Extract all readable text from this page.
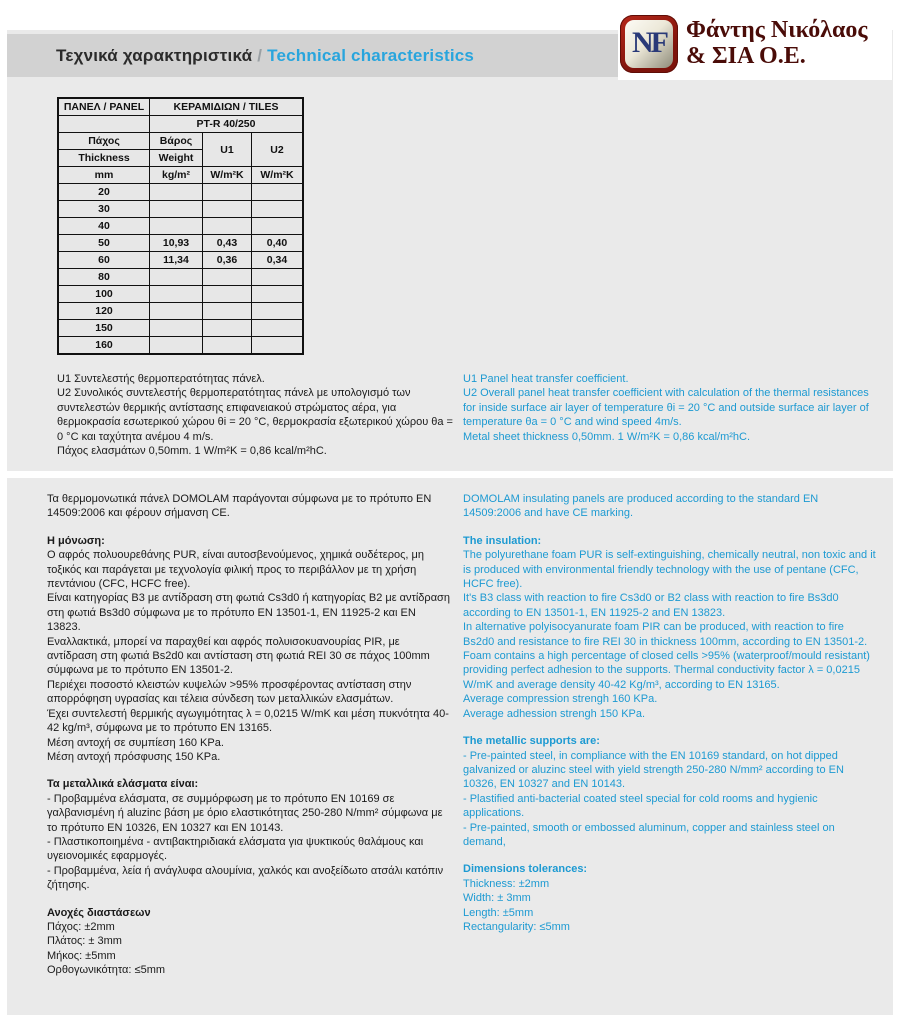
Τεχνικά χαρακτηριστικά / Technical characteristics	NF Φάντης Νικόλαος
& ΣΙΑ Ο.Ε.
ΠΑΝΕΛ / PANEL	ΚΕΡΑΜΙΔΙΩΝ / TILES		
	PT-R 40/250		
Πάχος	Βάρος	U1	U2
Thickness	Weight		
mm	kg/m²	W/m²K	W/m²K
20			
30			
40			
50	10,93	0,43	0,40
60	11,34	0,36	0,34
80			
100			
120			
150			
160			
U1 Συντελεστής θερμοπερατότητας πάνελ.
U2 Συνολικός συντελεστής θερμοπερατότητας πάνελ με υπολογισμό των συντελεστών θερμικής αντίστασης επιφανειακού στρώματος αέρα, για θερμοκρασία εσωτερικού χώρου θi = 20 °C, θερμοκρασία εξωτερικού χώρου θa = 0 °C και ταχύτητα ανέμου 4 m/s.
Πάχος ελασμάτων 0,50mm. 1 W/m²K = 0,86 kcal/m²hC.
U1 Panel heat transfer coefficient.
U2 Overall panel heat transfer coefficient with calculation of the thermal resistances for inside surface air layer of temperature θi = 20 °C and outside surface air layer of temperature θa = 0 °C and wind speed 4m/s.
Metal sheet thickness 0,50mm. 1 W/m²K = 0,86 kcal/m²hC.
Τα θερμομονωτικά πάνελ DOMOLAM παράγονται σύμφωνα με το πρότυπο EN 14509:2006 και φέρουν σήμανση CE.
Η μόνωση:
Ο αφρός πολυουρεθάνης PUR, είναι αυτοσβενούμενος, χημικά ουδέτερος, μη τοξικός και παράγεται με τεχνολογία φιλική προς το περιβάλλον με τη χρήση πεντάνιου (CFC, HCFC free).
Είναι κατηγορίας Β3 με αντίδραση στη φωτιά Cs3d0 ή κατηγορίας Β2 με αντίδραση στη φωτιά Bs3d0 σύμφωνα με το πρότυπο EN 13501-1, EN 11925-2 και EN 13823.
Εναλλακτικά, μπορεί να παραχθεί και αφρός πολυισοκυανουρίας PIR, με αντίδραση στη φωτιά Bs2d0 και αντίσταση στη φωτιά REI 30 σε πάχος 100mm σύμφωνα με το πρότυπο EN 13501-2.
Περιέχει ποσοστό κλειστών κυψελών >95% προσφέροντας αντίσταση στην απορρόφηση υγρασίας και τέλεια σύνδεση των μεταλλικών ελασμάτων.
Έχει συντελεστή θερμικής αγωγιμότητας λ = 0,0215 W/mK και μέση πυκνότητα 40-42 kg/m³, σύμφωνα με το πρότυπο EN 13165.
Μέση αντοχή σε συμπίεση 160 KPa.
Μέση αντοχή πρόσφυσης 150 KPa.
Τα μεταλλικά ελάσματα είναι:
- Προβαμμένα ελάσματα, σε συμμόρφωση με το πρότυπο EN 10169 σε γαλβανισμένη ή aluzinc βάση με όριο ελαστικότητας 250-280 N/mm² σύμφωνα με το πρότυπο EN 10326, EN 10327 και EN 10143.
- Πλαστικοποιημένα - αντιβακτηριδιακά ελάσματα για ψυκτικούς θαλάμους και υγειονομικές εφαρμογές.
- Προβαμμένα, λεία ή ανάγλυφα αλουμίνια, χαλκός και ανοξείδωτο ατσάλι κατόπιν ζήτησης.
Ανοχές διαστάσεων
Πάχος: ±2mm
Πλάτος: ± 3mm
Μήκος: ±5mm
Ορθογωνικότητα: ≤5mm
DOMOLAM insulating panels are produced according to the standard EN 14509:2006 and have CE marking.
The insulation:
The polyurethane foam PUR is self-extinguishing, chemically neutral, non toxic and it is produced with environmental friendly technology with the use of pentane (CFC, HCFC free).
It's B3 class with reaction to fire Cs3d0 or B2 class with reaction to fire Bs3d0 according to EN 13501-1, EN 11925-2 and EN 13823.
In alternative polyisocyanurate foam PIR can be produced, with reaction to fire Bs2d0 and resistance to fire REI 30 in thickness 100mm, according to EN 13501-2.
Foam contains a high percentage of closed cells >95% (waterproof/mould resistant) providing perfect adhesion to the supports. Thermal conductivity factor λ = 0,0215 W/mK and average density 40-42 Kg/m³, according to EN 13165.
Average compression strengh 160 KPa.
Average adhession strengh 150 KPa.
The metallic supports are:
- Pre-painted steel, in compliance with the EN 10169 standard, on hot dipped galvanized or aluzinc steel with yield strength 250-280 N/mm² according to EN 10326, EN 10327 and EN 10143.
- Plastified anti-bacterial coated steel special for cold rooms and hygienic applications.
- Pre-painted, smooth or embossed aluminum, copper and stainless steel on demand,
Dimensions tolerances:
Thickness: ±2mm
Width: ± 3mm
Length: ±5mm
Rectangularity: ≤5mm
